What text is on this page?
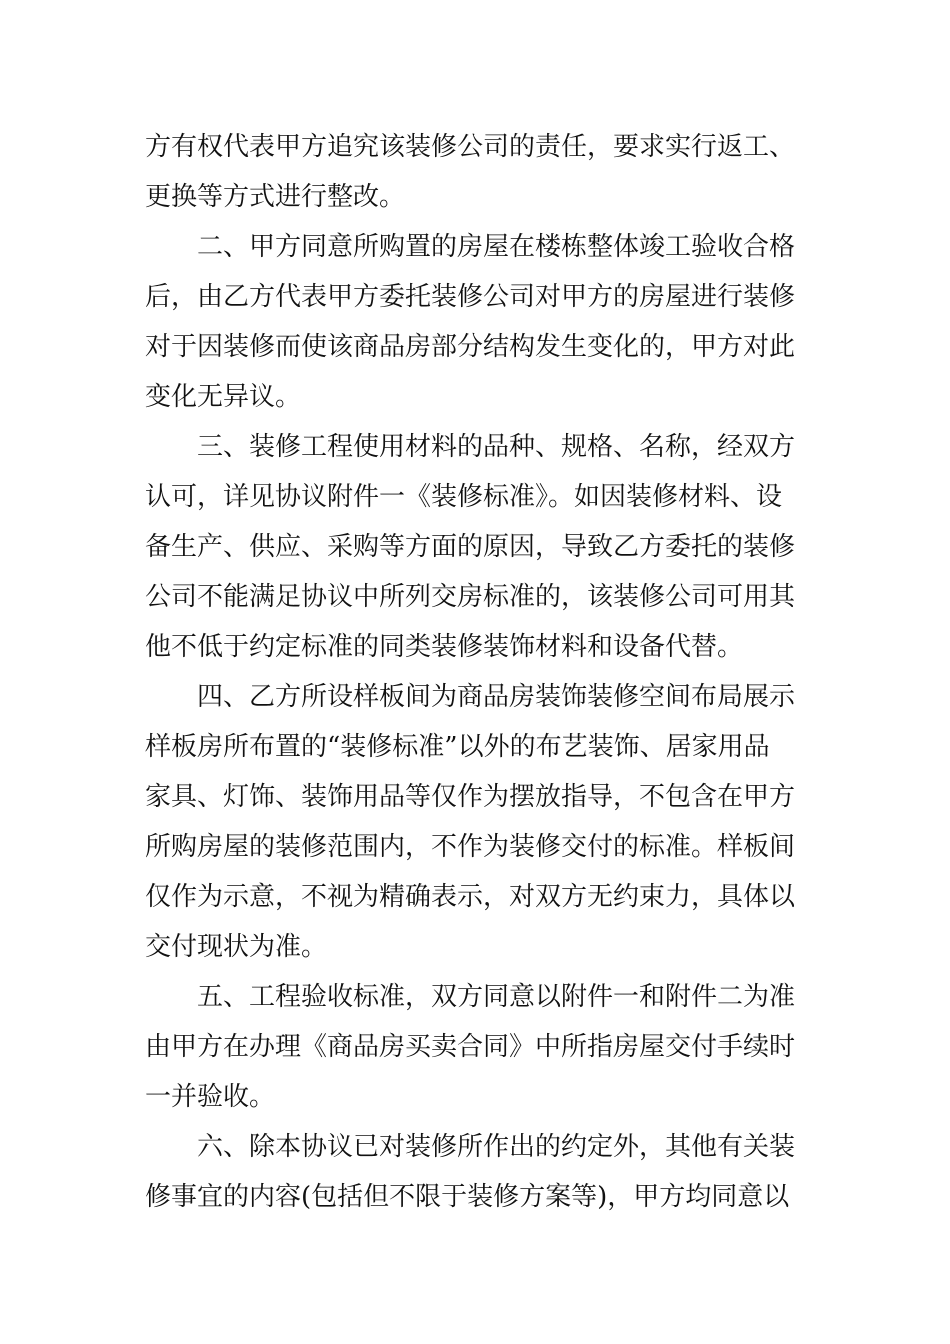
方有权代表甲方追究该装修公司的责任，要求实行返工、
更换等方式进行整改。
二、甲方同意所购置的房屋在楼栋整体竣工验收合格
后，由乙方代表甲方委托装修公司对甲方的房屋进行装修
对于因装修而使该商品房部分结构发生变化的，甲方对此
变化无异议。
三、装修工程使用材料的品种、规格、名称，经双方
认可，详见协议附件一《装修标准》。如因装修材料、设
备生产、供应、采购等方面的原因，导致乙方委托的装修
公司不能满足协议中所列交房标准的，该装修公司可用其
他不低于约定标准的同类装修装饰材料和设备代替。
四、乙方所设样板间为商品房装饰装修空间布局展示
样板房所布置的“装修标准”以外的布艺装饰、居家用品
家具、灯饰、装饰用品等仅作为摆放指导，不包含在甲方
所购房屋的装修范围内，不作为装修交付的标准。样板间
仅作为示意，不视为精确表示，对双方无约束力，具体以
交付现状为准。
五、工程验收标准，双方同意以附件一和附件二为准
由甲方在办理《商品房买卖合同》中所指房屋交付手续时
一并验收。
六、除本协议已对装修所作出的约定外，其他有关装
修事宜的内容(包括但不限于装修方案等)，甲方均同意以
